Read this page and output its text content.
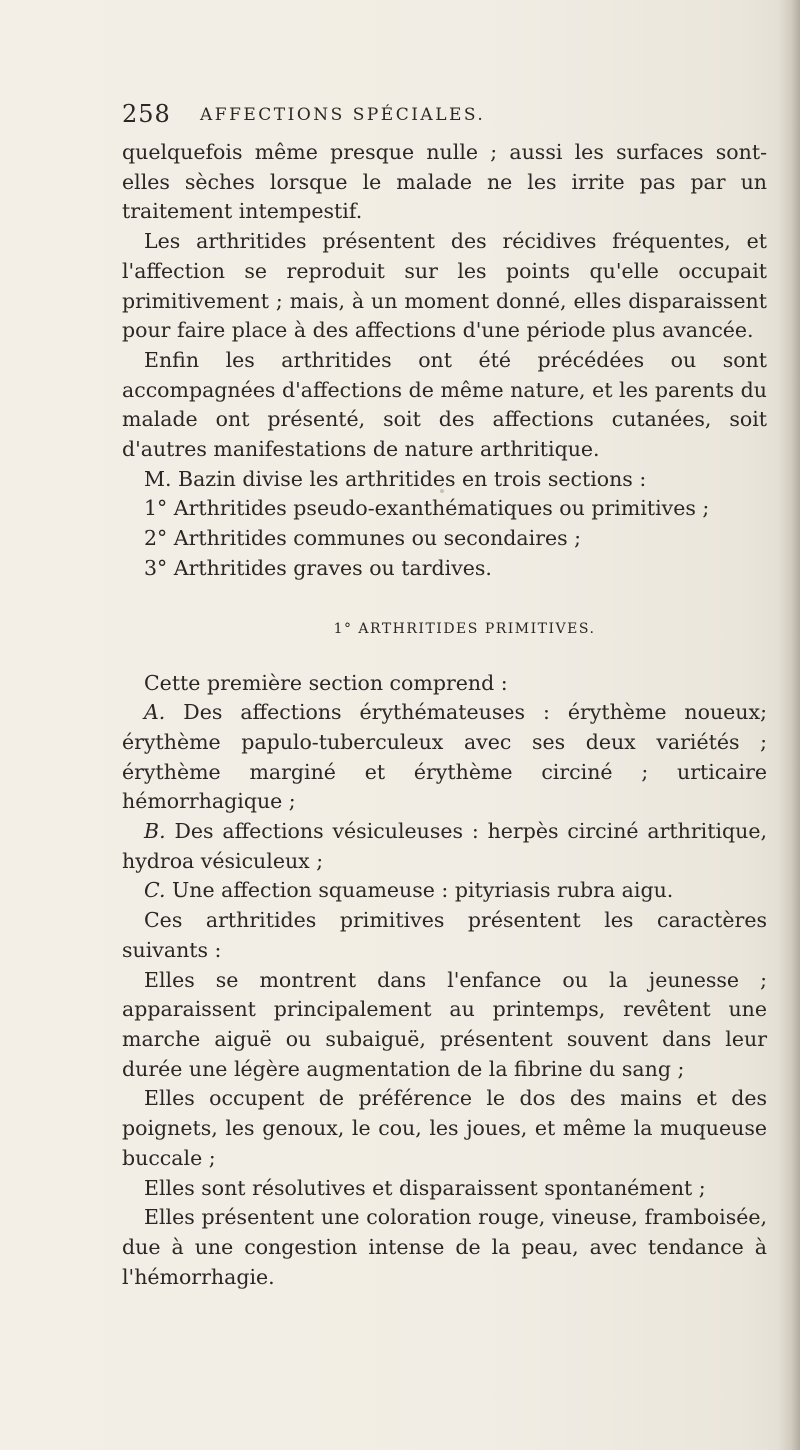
258 AFFECTIONS SPÉCIALES.

quelquefois même presque nulle ; aussi les surfaces sont-elles sèches lorsque le malade ne les irrite pas par un traitement intempestif.

Les arthritides présentent des récidives fréquentes, et l'affection se reproduit sur les points qu'elle occupait primitivement ; mais, à un moment donné, elles disparaissent pour faire place à des affections d'une période plus avancée.

Enfin les arthritides ont été précédées ou sont accompagnées d'affections de même nature, et les parents du malade ont présenté, soit des affections cutanées, soit d'autres manifestations de nature arthritique.

M. Bazin divise les arthritides en trois sections :

1° Arthritides pseudo-exanthématiques ou primitives ;

2° Arthritides communes ou secondaires ;

3° Arthritides graves ou tardives.

1° ARTHRITIDES PRIMITIVES.

Cette première section comprend :

A. Des affections érythémateuses : érythème noueux; érythème papulo-tuberculeux avec ses deux variétés ; érythème marginé et érythème circiné ; urticaire hémorrhagique ;

B. Des affections vésiculeuses : herpès circiné arthritique, hydroa vésiculeux ;

C. Une affection squameuse : pityriasis rubra aigu.

Ces arthritides primitives présentent les caractères suivants :

Elles se montrent dans l'enfance ou la jeunesse ; apparaissent principalement au printemps, revêtent une marche aiguë ou subaiguë, présentent souvent dans leur durée une légère augmentation de la fibrine du sang ;

Elles occupent de préférence le dos des mains et des poignets, les genoux, le cou, les joues, et même la muqueuse buccale ;

Elles sont résolutives et disparaissent spontanément ;

Elles présentent une coloration rouge, vineuse, framboisée, due à une congestion intense de la peau, avec tendance à l'hémorrhagie.
